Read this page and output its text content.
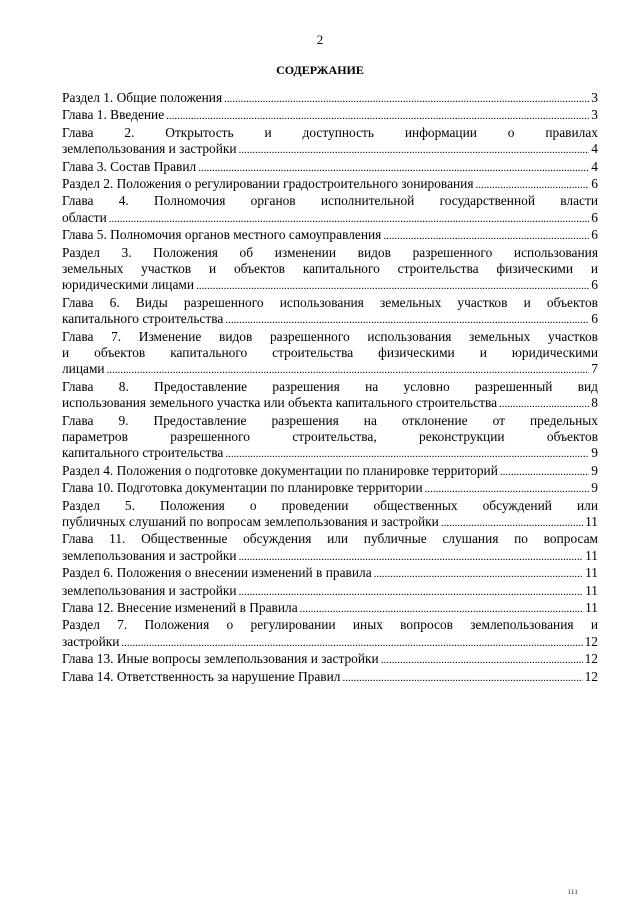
2
СОДЕРЖАНИЕ
Раздел 1. Общие положения .....	3
Глава 1. Введение .....	3
Глава 2. Открытость и доступность информации о правилах
землепользования и застройки .....	4
Глава 3. Состав Правил .....	4
Раздел 2. Положения о регулировании градостроительного зонирования .....	6
Глава 4. Полномочия органов исполнительной государственной власти
области .....	6
Глава 5. Полномочия органов местного самоуправления .....	6
Раздел 3. Положения об изменении видов разрешенного использования
земельных участков и объектов капитального строительства физическими и
юридическими лицами .....	6
Глава 6. Виды разрешенного использования земельных участков и объектов
капитального строительства .....	6
Глава 7. Изменение видов разрешенного использования земельных участков
и объектов капитального строительства физическими и юридическими
лицами .....	7
Глава 8. Предоставление разрешения на условно разрешенный вид
использования земельного участка или объекта капитального строительства .....	8
Глава 9. Предоставление разрешения на отклонение от предельных
параметров разрешенного строительства, реконструкции объектов
капитального строительства .....	9
Раздел 4. Положения о подготовке документации по планировке территорий .....	9
Глава 10. Подготовка документации по планировке территории .....	9
Раздел 5. Положения о проведении общественных обсуждений или
публичных слушаний по вопросам землепользования и застройки .....	11
Глава 11. Общественные обсуждения или публичные слушания по вопросам
землепользования и застройки .....	11
Раздел 6. Положения о внесении изменений в правила .....	11
землепользования и застройки .....	11
Глава 12. Внесение изменений в Правила .....	11
Раздел 7. Положения о регулировании иных вопросов землепользования и
застройки .....	12
Глава 13. Иные вопросы землепользования и застройки .....	12
Глава 14. Ответственность за нарушение Правил .....	12
ııı
